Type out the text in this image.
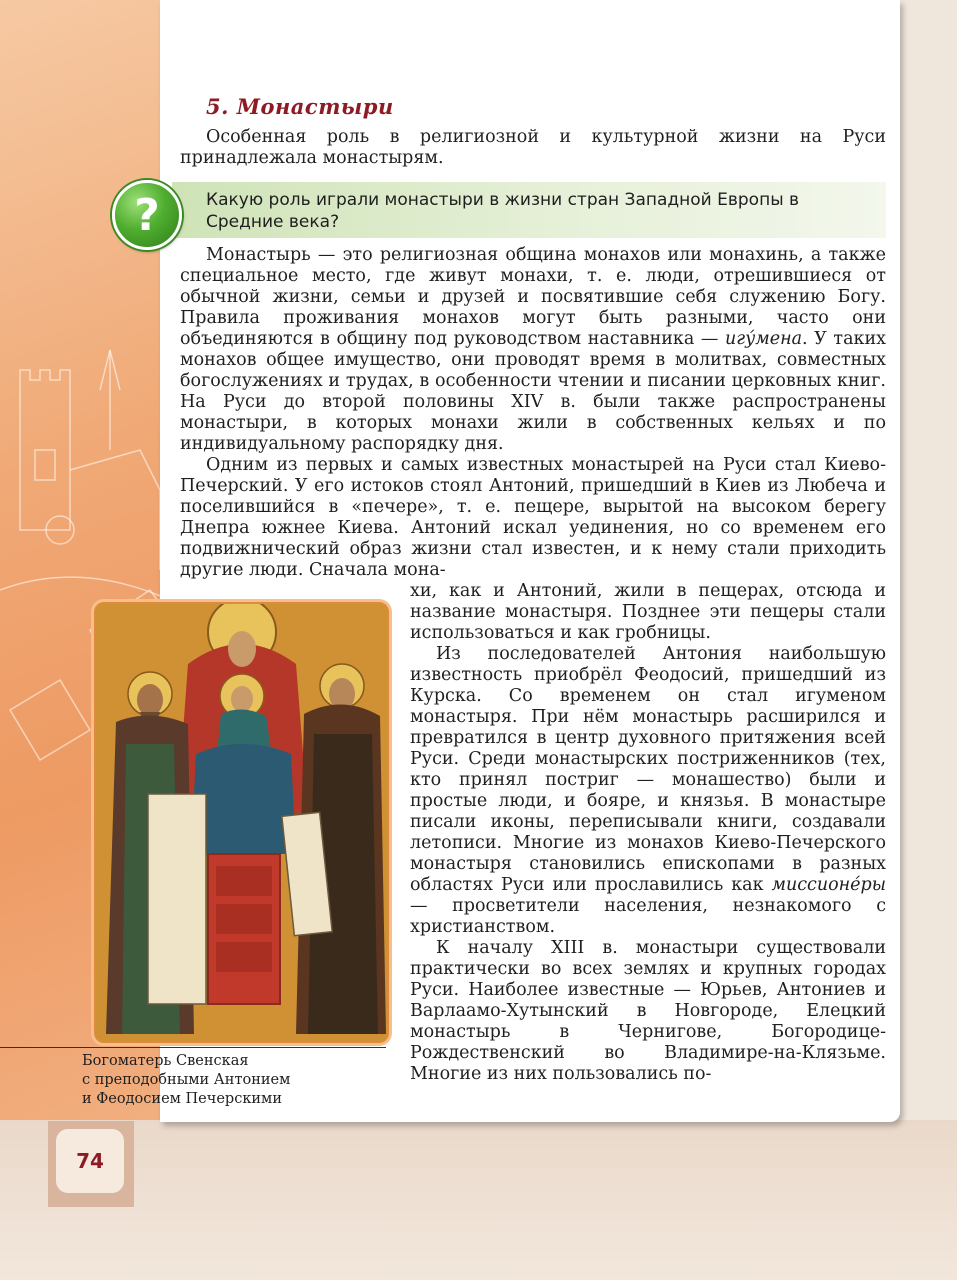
5. Монастыри

Особенная роль в религиозной и культурной жизни на Руси принадлежала монастырям.

?	Какую роль играли монастыри в жизни стран Западной Европы в Средние века?

Монастырь — это религиозная община монахов или монахинь, а также специальное место, где живут монахи, т. е. люди, отрешившиеся от обычной жизни, семьи и друзей и посвятившие себя служению Богу. Правила проживания монахов могут быть разными, часто они объединяются в общину под руководством наставника — игу́мена. У таких монахов общее имущество, они проводят время в молитвах, совместных богослужениях и трудах, в особенности чтении и писании церковных книг. На Руси до второй половины XIV в. были также распространены монастыри, в которых монахи жили в собственных кельях и по индивидуальному распорядку дня.

Одним из первых и самых известных монастырей на Руси стал Киево-Печерский. У его истоков стоял Антоний, пришедший в Киев из Любеча и поселившийся в «печере», т. е. пещере, вырытой на высоком берегу Днепра южнее Киева. Антоний искал уединения, но со временем его подвижнический образ жизни стал известен, и к нему стали приходить другие люди. Сначала мона-

хи, как и Антоний, жили в пещерах, отсюда и название монастыря. Позднее эти пещеры стали использоваться и как гробницы.

Из последователей Антония наибольшую известность приобрёл Феодосий, пришедший из Курска. Со временем он стал игуменом монастыря. При нём монастырь расширился и превратился в центр духовного притяжения всей Руси. Среди монастырских постриженников (тех, кто принял постриг — монашество) были и простые люди, и бояре, и князья. В монастыре писали иконы, переписывали книги, создавали летописи. Многие из монахов Киево-Печерского монастыря становились епископами в разных областях Руси или прославились как миссионе́ры — просветители населения, незнакомого с христианством.

К началу XIII в. монастыри существовали практически во всех землях и крупных городах Руси. Наиболее известные — Юрьев, Антониев и Варлаамо-Хутынский в Новгороде, Елецкий монастырь в Чернигове, Богородице-Рождественский во Владимире-на-Клязьме. Многие из них пользовались по-

Богоматерь Свенская
с преподобными Антонием
и Феодосием Печерскими

74
